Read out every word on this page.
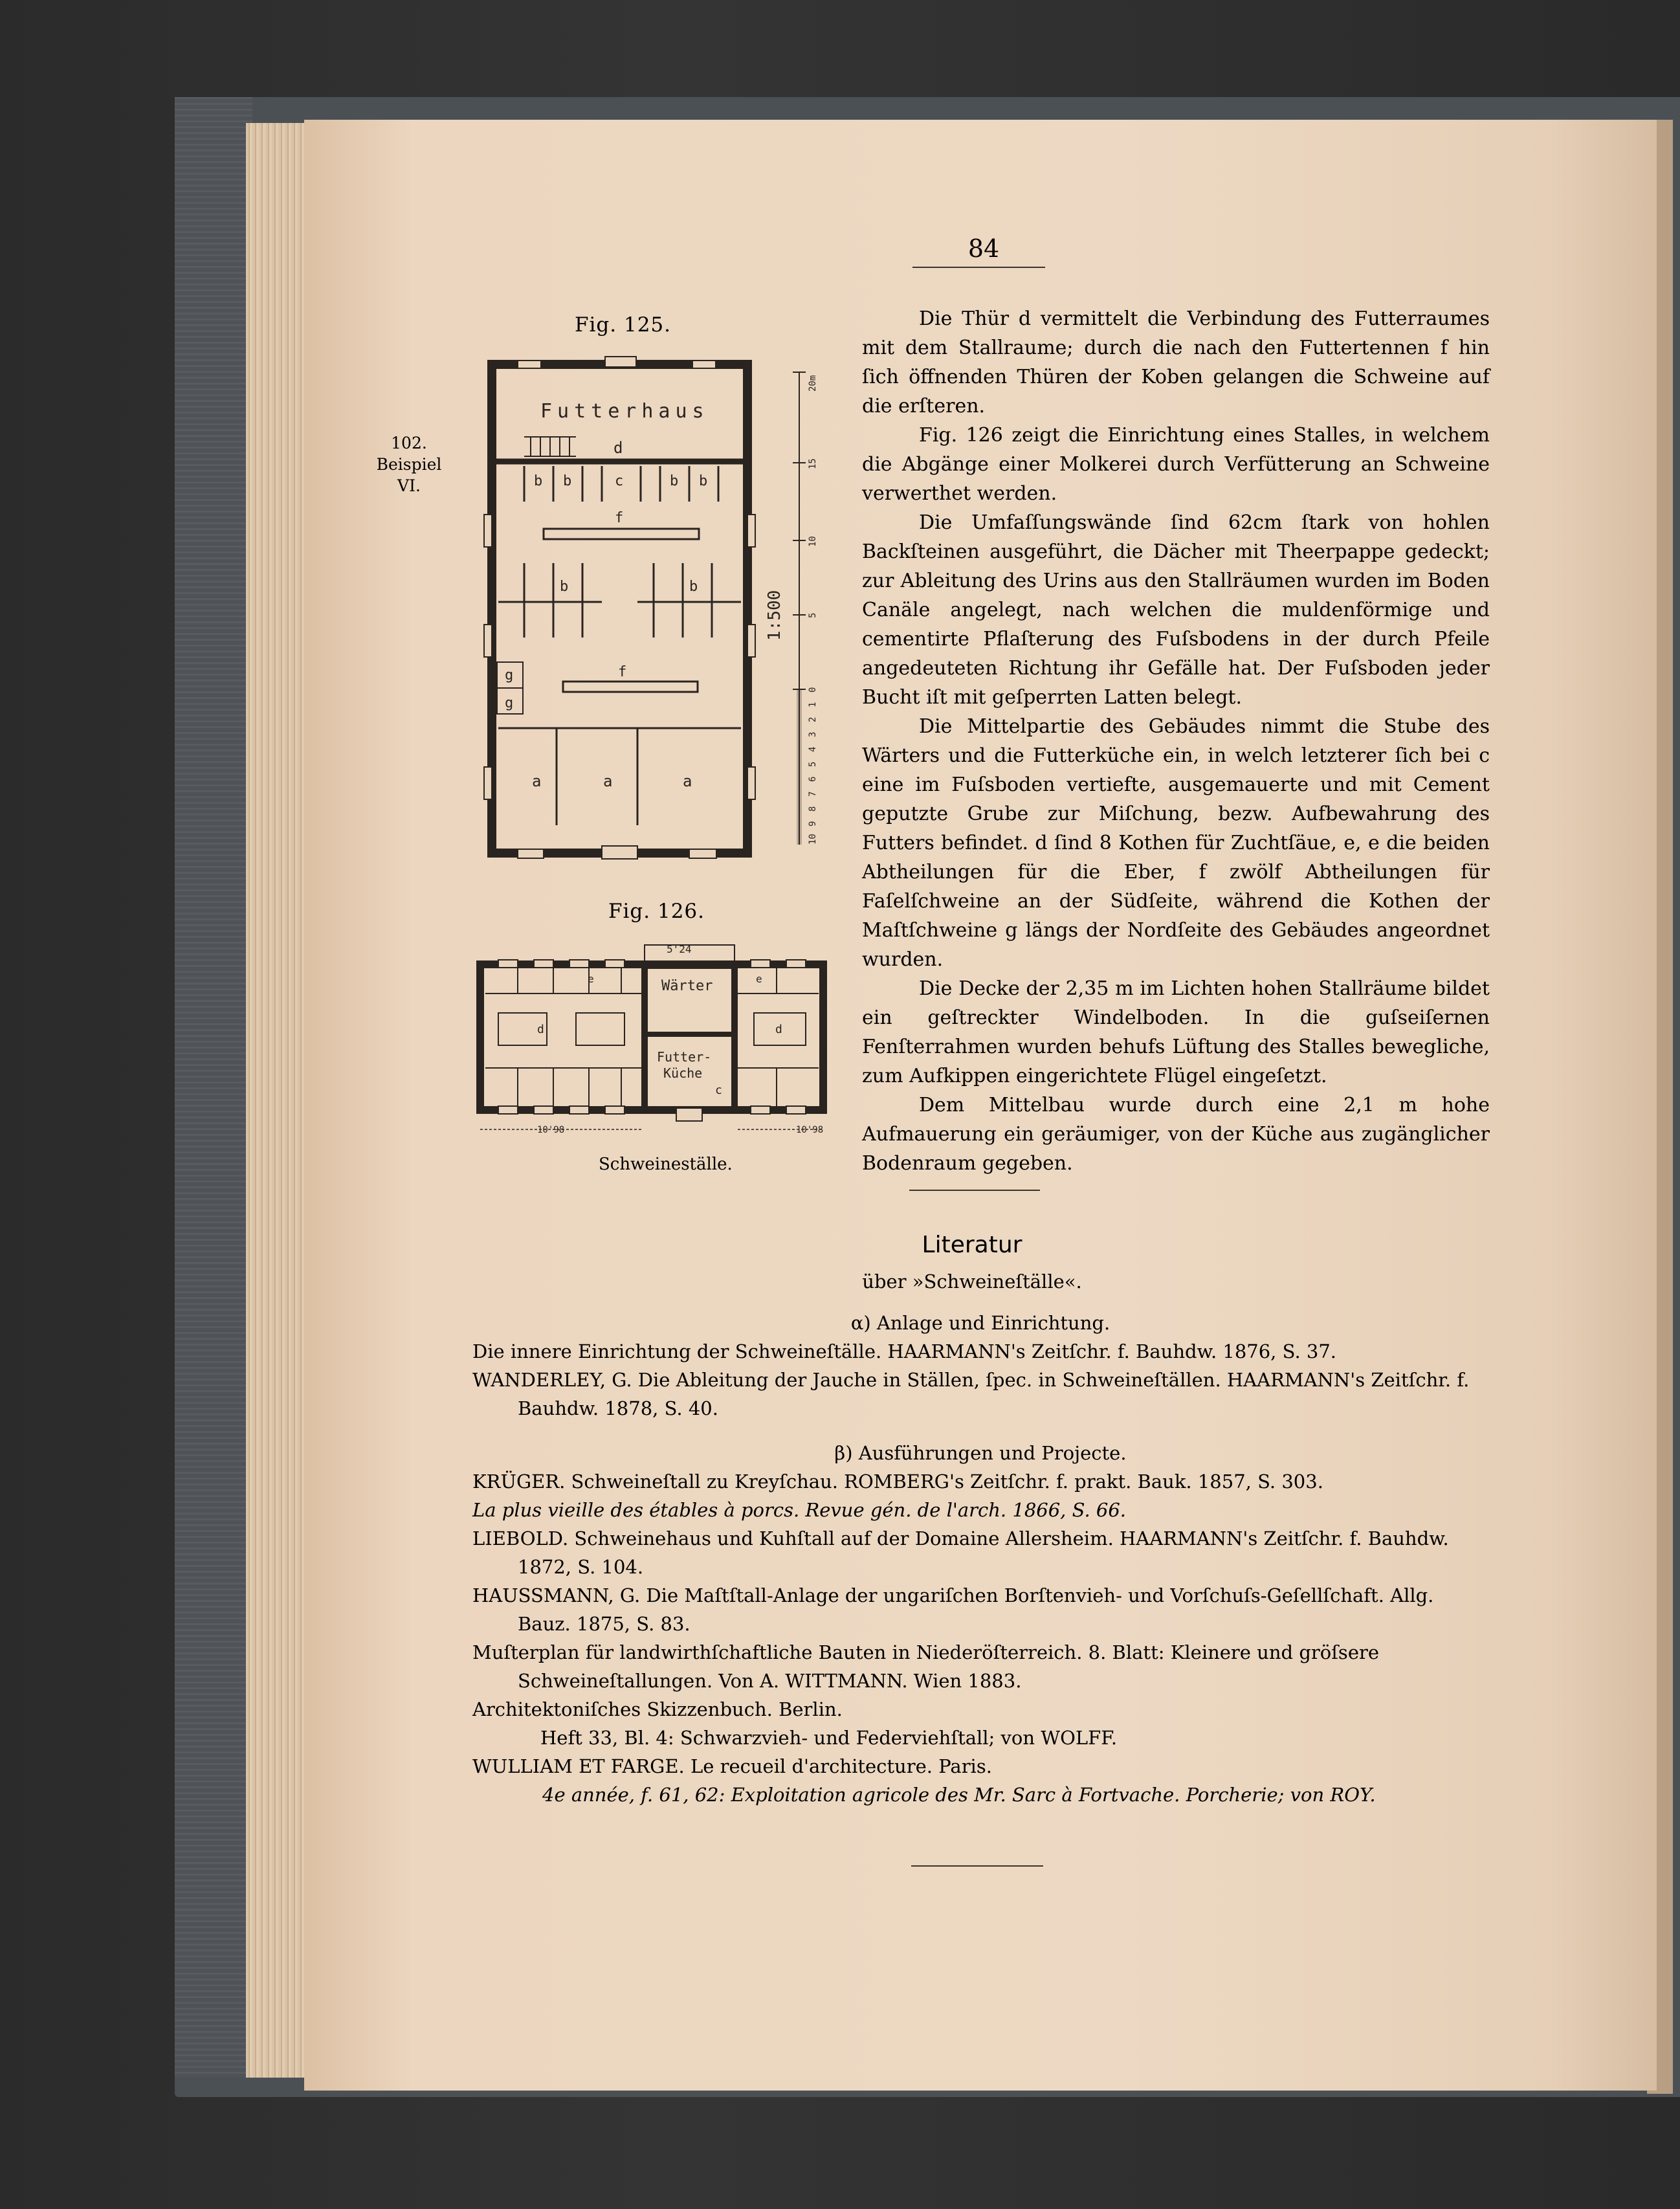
84
102.
Beispiel
VI.
Fig. 125.
Futterhaus
d
b b	c	b b
f
f
b	b
g
g
a	a	a
1:500
20m
15
10
5
0
1
2
3
4
5
6
7
8
9
10
Fig. 126.
5'24
Wärter
Futter-
Küche
d	d
e	e
c
10'98	10'98
Schweineställe.

Die Thür d vermittelt die Verbindung des Futterraumes mit dem Stallraume; durch die nach den Futtertennen f hin ſich öffnenden Thüren der Koben gelangen die Schweine auf die erſteren.

Fig. 126 zeigt die Einrichtung eines Stalles, in welchem die Abgänge einer Molkerei durch Verfütterung an Schweine verwerthet werden.

Die Umfaſſungswände ſind 62cm ſtark von hohlen Backſteinen ausgeführt, die Dächer mit Theerpappe gedeckt; zur Ableitung des Urins aus den Stallräumen wurden im Boden Canäle angelegt, nach welchen die muldenförmige und cementirte Pflaſterung des Fuſsbodens in der durch Pfeile angedeuteten Richtung ihr Gefälle hat. Der Fuſsboden jeder Bucht iſt mit geſperrten Latten belegt.

Die Mittelpartie des Gebäudes nimmt die Stube des Wärters und die Futterküche ein, in welch letzterer ſich bei c eine im Fuſsboden vertiefte, ausgemauerte und mit Cement geputzte Grube zur Miſchung, bezw. Aufbewahrung des Futters befindet. d ſind 8 Kothen für Zuchtſäue, e, e die beiden Abtheilungen für die Eber, f zwölf Abtheilungen für Faſelſchweine an der Südſeite, während die Kothen der Maſtſchweine g längs der Nordſeite des Gebäudes angeordnet wurden.

Die Decke der 2,35 m im Lichten hohen Stallräume bildet ein geſtreckter Windelboden. In die guſseiſernen Fenſterrahmen wurden behufs Lüftung des Stalles bewegliche, zum Aufkippen eingerichtete Flügel eingeſetzt.

Dem Mittelbau wurde durch eine 2,1 m hohe Aufmauerung ein geräumiger, von der Küche aus zugänglicher Bodenraum gegeben.

Literatur
über »Schweineſtälle«.
α) Anlage und Einrichtung.
Die innere Einrichtung der Schweineſtälle. HAARMANN's Zeitſchr. f. Bauhdw. 1876, S. 37.
WANDERLEY, G. Die Ableitung der Jauche in Ställen, ſpec. in Schweineſtällen. HAARMANN's Zeitſchr. f. Bauhdw. 1878, S. 40.
β) Ausführungen und Projecte.
KRÜGER. Schweineſtall zu Kreyſchau. ROMBERG's Zeitſchr. f. prakt. Bauk. 1857, S. 303.
La plus vieille des étables à porcs. Revue gén. de l'arch. 1866, S. 66.
LIEBOLD. Schweinehaus und Kuhſtall auf der Domaine Allersheim. HAARMANN's Zeitſchr. f. Bauhdw. 1872, S. 104.
HAUSSMANN, G. Die Maſtſtall-Anlage der ungariſchen Borſtenvieh- und Vorſchuſs-Geſellſchaft. Allg. Bauz. 1875, S. 83.
Muſterplan für landwirthſchaftliche Bauten in Niederöſterreich. 8. Blatt: Kleinere und gröſsere Schweineſtallungen. Von A. WITTMANN. Wien 1883.
Architektoniſches Skizzenbuch. Berlin.
Heft 33, Bl. 4: Schwarzvieh- und Federviehſtall; von WOLFF.
WULLIAM ET FARGE. Le recueil d'architecture. Paris.
4e année, f. 61, 62: Exploitation agricole des Mr. Sarc à Fortvache. Porcherie; von ROY.
